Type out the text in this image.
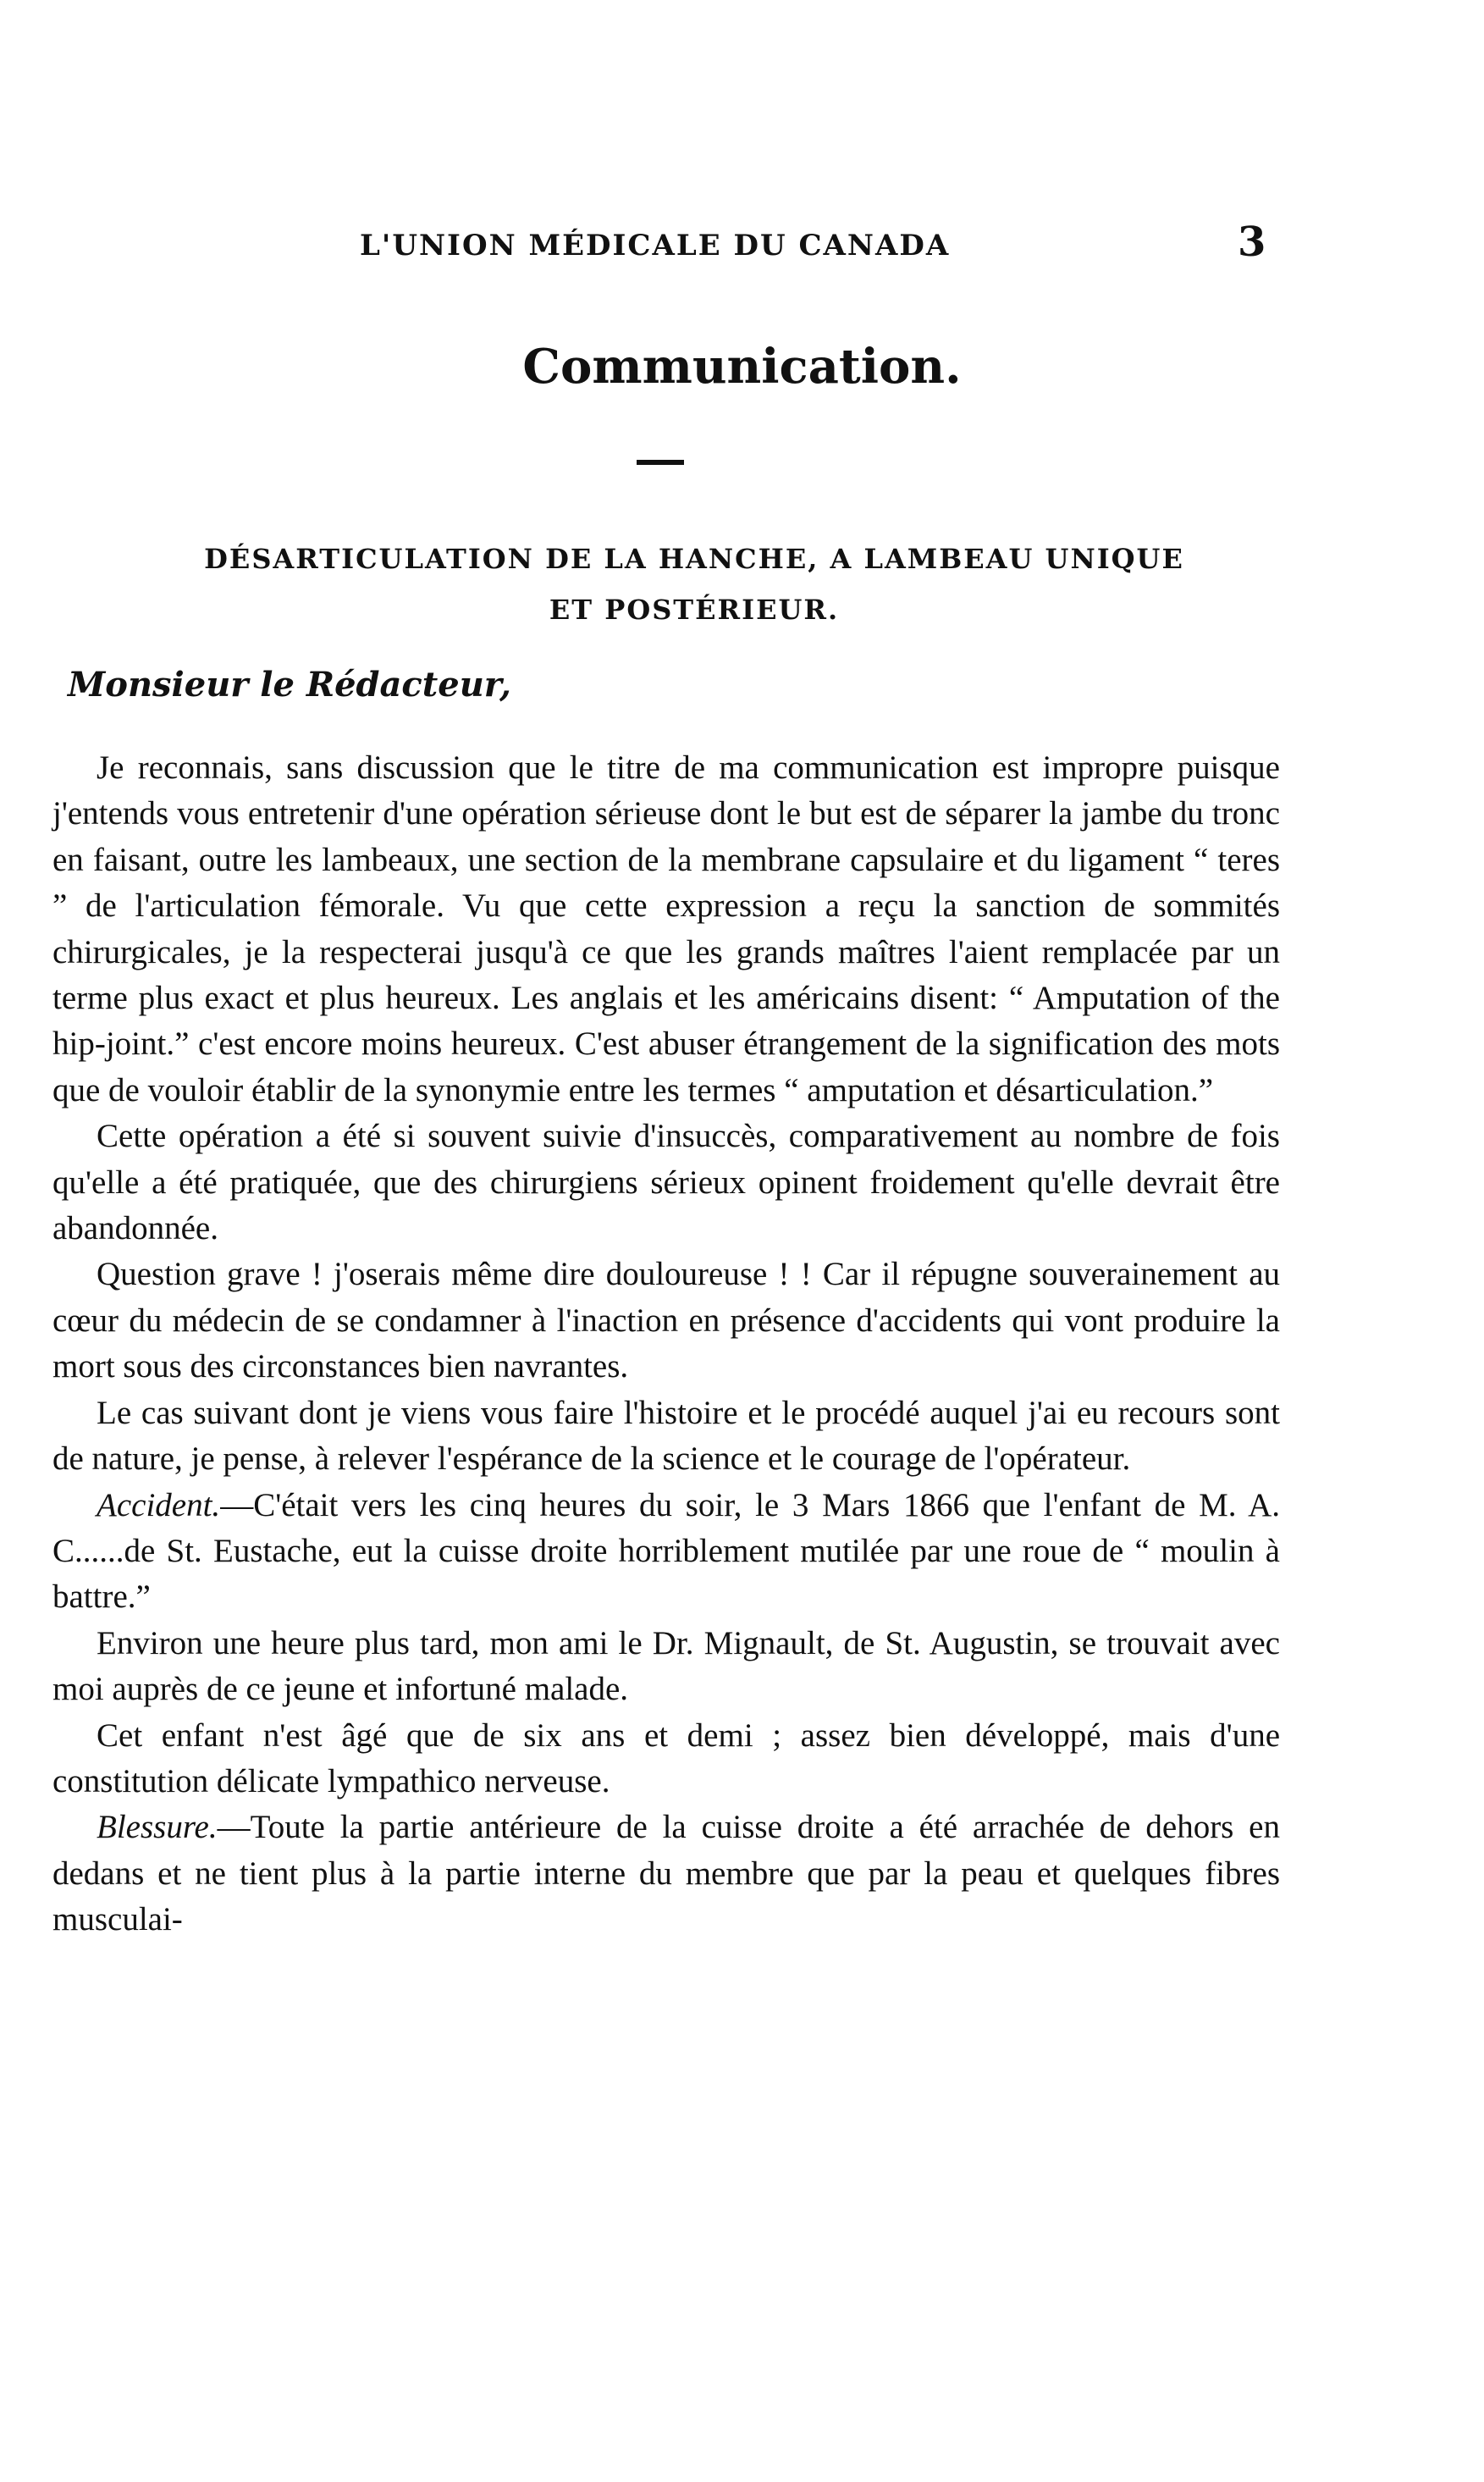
L'UNION MÉDICALE DU CANADA	3
Communication.
DÉSARTICULATION DE LA HANCHE, A LAMBEAU UNIQUE
ET POSTÉRIEUR.
Monsieur le Rédacteur,

Je reconnais, sans discussion que le titre de ma communication est impropre puisque j'entends vous entretenir d'une opération sérieuse dont le but est de séparer la jambe du tronc en faisant, outre les lambeaux, une section de la membrane capsulaire et du ligament “ teres ” de l'articulation fémorale. Vu que cette expression a reçu la sanction de sommités chirurgicales, je la respecterai jusqu'à ce que les grands maîtres l'aient remplacée par un terme plus exact et plus heureux. Les anglais et les américains disent: “ Amputation of the hip-joint.” c'est encore moins heureux. C'est abuser étrangement de la signification des mots que de vouloir établir de la synonymie entre les termes “ amputation et désarticulation.”

Cette opération a été si souvent suivie d'insuccès, comparativement au nombre de fois qu'elle a été pratiquée, que des chirurgiens sérieux opinent froidement qu'elle devrait être abandonnée.

Question grave ! j'oserais même dire douloureuse ! ! Car il répugne souverainement au cœur du médecin de se condamner à l'inaction en présence d'accidents qui vont produire la mort sous des circonstances bien navrantes.

Le cas suivant dont je viens vous faire l'histoire et le procédé auquel j'ai eu recours sont de nature, je pense, à relever l'espérance de la science et le courage de l'opérateur.

Accident.—C'était vers les cinq heures du soir, le 3 Mars 1866 que l'enfant de M. A. C......de St. Eustache, eut la cuisse droite horriblement mutilée par une roue de “ moulin à battre.”

Environ une heure plus tard, mon ami le Dr. Mignault, de St. Augustin, se trouvait avec moi auprès de ce jeune et infortuné malade.

Cet enfant n'est âgé que de six ans et demi ; assez bien développé, mais d'une constitution délicate lympathico nerveuse.

Blessure.—Toute la partie antérieure de la cuisse droite a été arrachée de dehors en dedans et ne tient plus à la partie interne du membre que par la peau et quelques fibres musculai-
